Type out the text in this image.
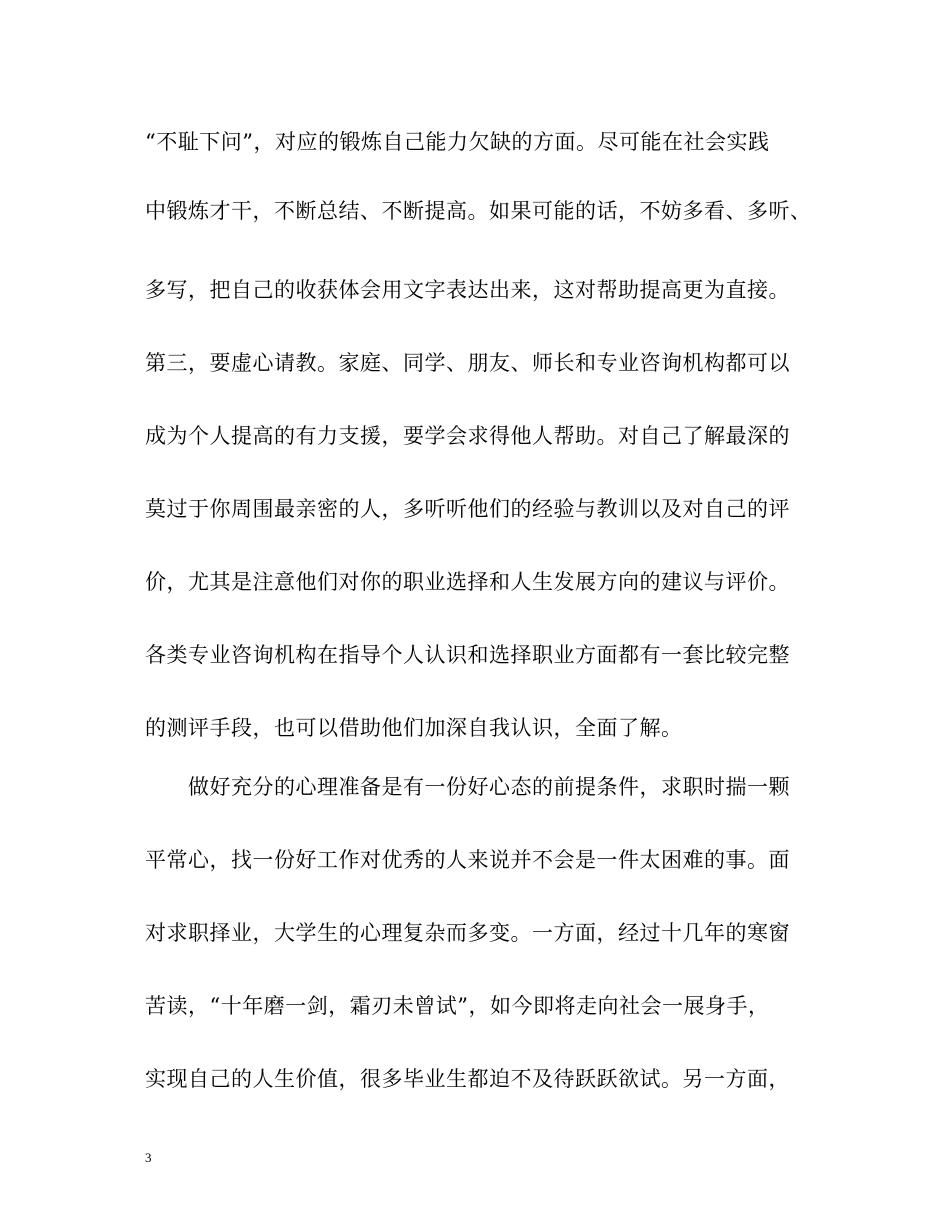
“不耻下问”，对应的锻炼自己能力欠缺的方面。尽可能在社会实践
中锻炼才干，不断总结、不断提高。如果可能的话，不妨多看、多听、
多写，把自己的收获体会用文字表达出来，这对帮助提高更为直接。
第三，要虚心请教。家庭、同学、朋友、师长和专业咨询机构都可以
成为个人提高的有力支援，要学会求得他人帮助。对自己了解最深的
莫过于你周围最亲密的人，多听听他们的经验与教训以及对自己的评
价，尤其是注意他们对你的职业选择和人生发展方向的建议与评价。
各类专业咨询机构在指导个人认识和选择职业方面都有一套比较完整
的测评手段，也可以借助他们加深自我认识，全面了解。
做好充分的心理准备是有一份好心态的前提条件，求职时揣一颗
平常心，找一份好工作对优秀的人来说并不会是一件太困难的事。面
对求职择业，大学生的心理复杂而多变。一方面，经过十几年的寒窗
苦读，“十年磨一剑，霜刃未曾试”，如今即将走向社会一展身手，
实现自己的人生价值，很多毕业生都迫不及待跃跃欲试。另一方面，
3
